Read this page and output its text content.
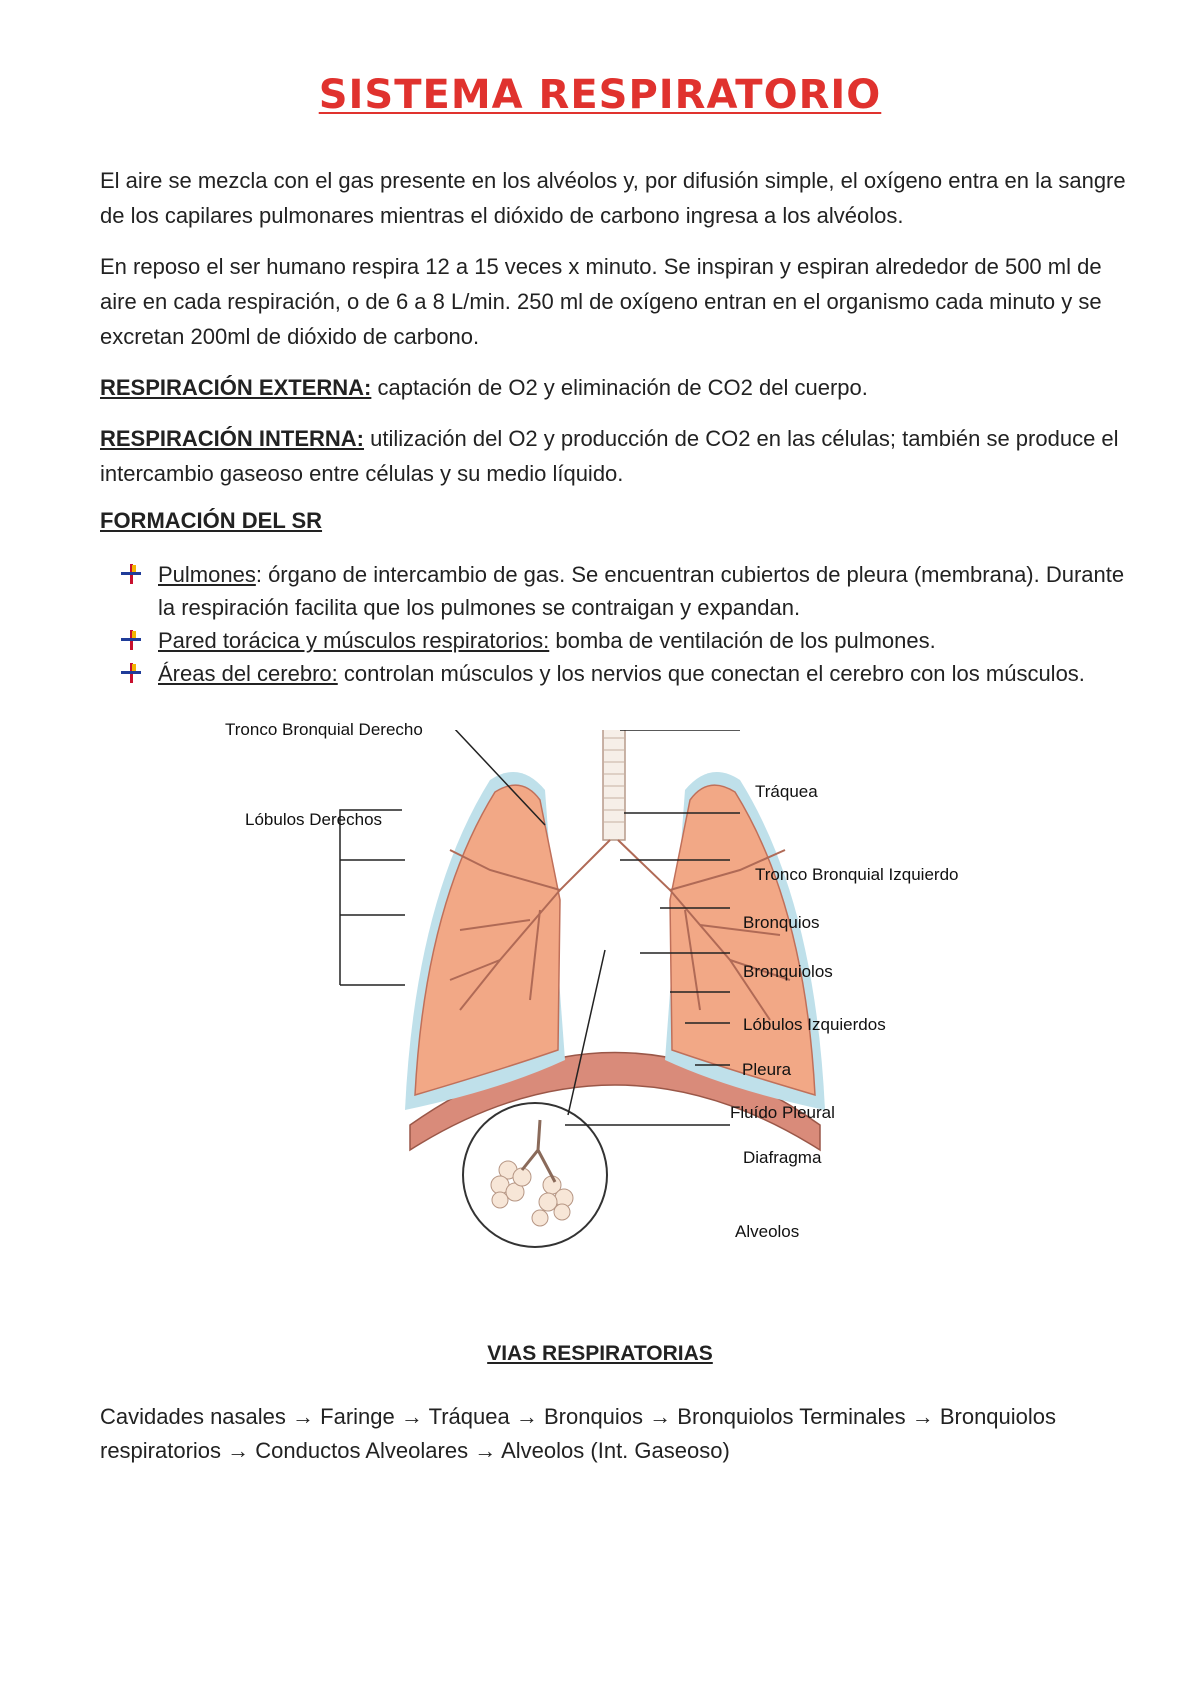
SISTEMA RESPIRATORIO
El aire se mezcla con el gas presente en los alvéolos y, por difusión simple, el oxígeno entra en la sangre de los capilares pulmonares mientras el dióxido de carbono ingresa a los alvéolos.
En reposo el ser humano respira 12 a 15 veces x minuto. Se inspiran y espiran alrededor de 500 ml de aire en cada respiración, o de 6 a 8 L/min. 250 ml de oxígeno entran en el organismo cada minuto y se excretan 200ml de dióxido de carbono.
RESPIRACIÓN EXTERNA: captación de O2 y eliminación de CO2 del cuerpo.
RESPIRACIÓN INTERNA: utilización del O2 y producción de CO2 en las células; también se produce el intercambio gaseoso entre células y su medio líquido.
FORMACIÓN DEL SR
Pulmones: órgano de intercambio de gas. Se encuentran cubiertos de pleura (membrana). Durante la respiración facilita que los pulmones se contraigan y expandan.
Pared torácica y músculos respiratorios: bomba de ventilación de los pulmones.
Áreas del cerebro: controlan músculos y los nervios que conectan el cerebro con los músculos.
Tronco Bronquial Derecho
Lóbulos Derechos
Tráquea
Tronco Bronquial Izquierdo
Bronquios
Bronquiolos
Lóbulos Izquierdos
Pleura
Fluído Pleural
Diafragma
Alveolos
VIAS RESPIRATORIAS
Cavidades nasales → Faringe → Tráquea → Bronquios → Bronquiolos Terminales → Bronquiolos respiratorios → Conductos Alveolares → Alveolos (Int. Gaseoso)
